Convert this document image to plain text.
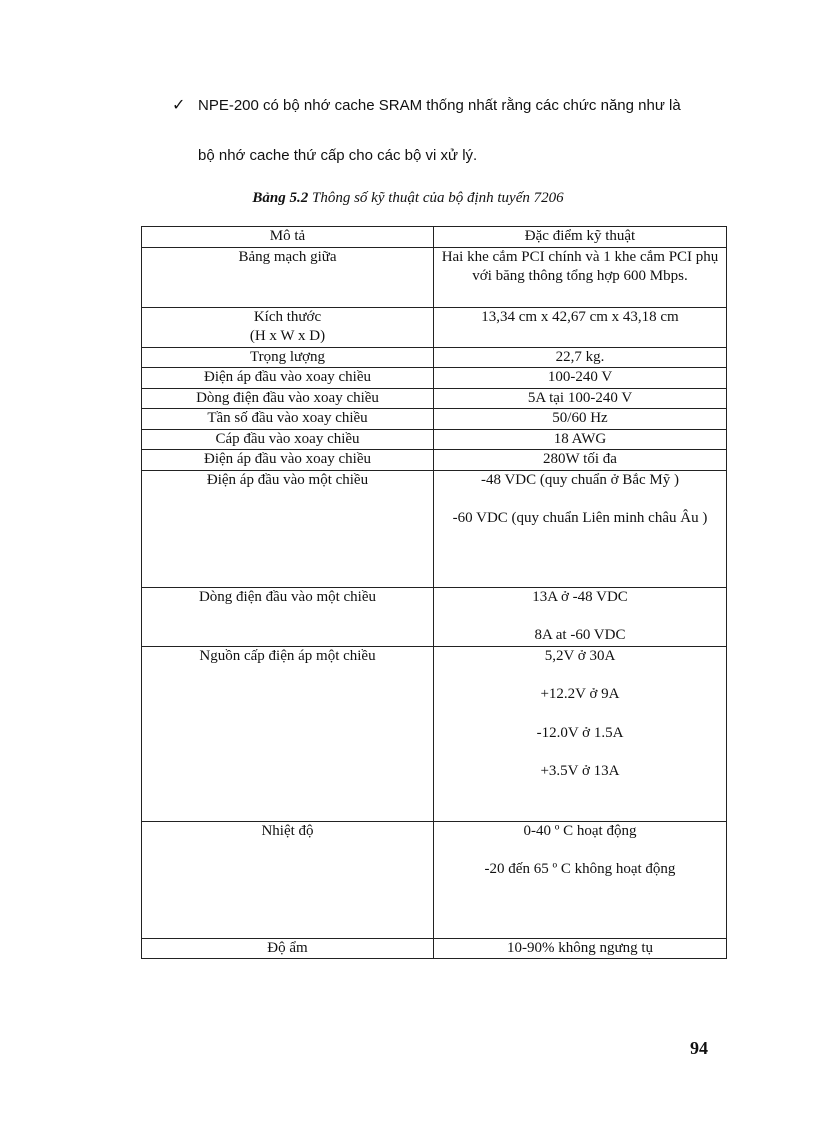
✓ NPE-200 có bộ nhớ cache SRAM thống nhất rằng các chức năng như là
bộ nhớ cache thứ cấp cho các bộ vi xử lý.
Bảng 5.2 Thông số kỹ thuật của bộ định tuyến 7206
Mô tả	Đặc điểm kỹ thuật

Bảng mạch giữa	Hai khe cắm PCI chính và 1 khe cắm PCI phụ với băng thông tổng hợp 600 Mbps.

Kích thước
(H x W x D)	13,34 cm x 42,67 cm x 43,18 cm

Trọng lượng	22,7 kg.

Điện áp đầu vào xoay chiều	100-240 V

Dòng điện đầu vào xoay chiều	5A tại 100-240 V

Tần số đầu vào xoay chiều	50/60 Hz

Cáp đầu vào xoay chiều	18 AWG

Điện áp đầu vào xoay chiều	280W tối đa

Điện áp đầu vào một chiều	-48 VDC (quy chuẩn ở Bắc Mỹ )
-60 VDC (quy chuẩn Liên minh châu Âu )

Dòng điện đầu vào một chiều	13A ở -48 VDC
8A at -60 VDC

Nguồn cấp điện áp một chiều	5,2V ở 30A
+12.2V ở 9A
-12.0V ở 1.5A
+3.5V ở 13A

Nhiệt độ	0-40 º C hoạt động
-20 đến 65 º C không hoạt động

Độ ẩm	10-90% không ngưng tụ
94
